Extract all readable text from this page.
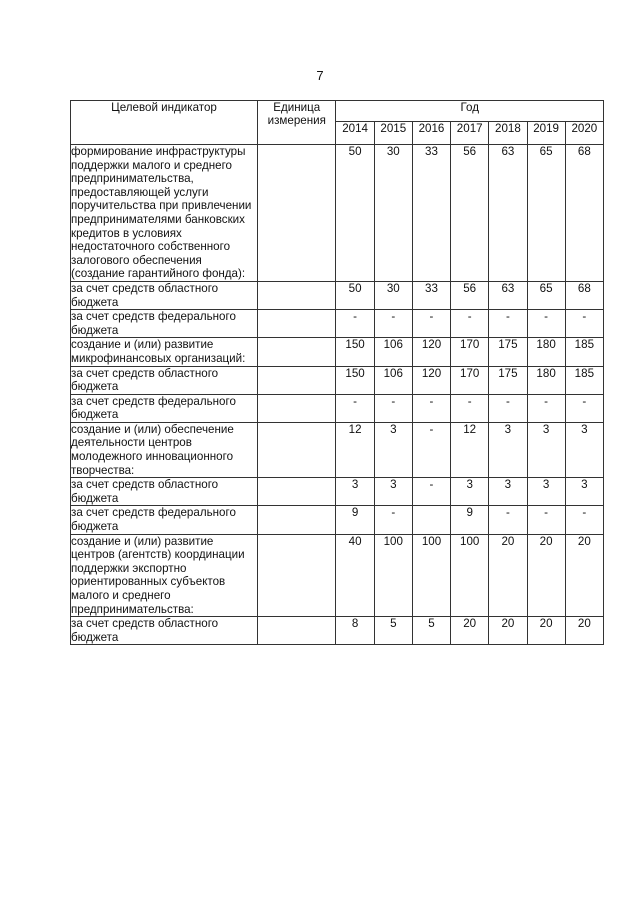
7
Целевой индикатор	Единица измерения	Год						
		2014	2015	2016	2017	2018	2019	2020
формирование инфраструктуры поддержки малого и среднего предпринимательства, предоставляющей услуги поручительства при привлечении предпринимателями банковских кредитов в условиях недостаточного собственного залогового обеспечения (создание гарантийного фонда):		50	30	33	56	63	65	68
за счет средств областного бюджета		50	30	33	56	63	65	68
за счет средств федерального бюджета		-	-	-	-	-	-	-
создание и (или) развитие микрофинансовых организаций:		150	106	120	170	175	180	185
за счет средств областного бюджета		150	106	120	170	175	180	185
за счет средств федерального бюджета		-	-	-	-	-	-	-
создание и (или) обеспечение деятельности центров молодежного инновационного творчества:		12	3	-	12	3	3	3
за счет средств областного бюджета		3	3	-	3	3	3	3
за счет средств федерального бюджета		9	-		9	-	-	-
создание и (или) развитие центров (агентств) координации поддержки экспортно ориентированных субъектов малого и среднего предпринимательства:		40	100	100	100	20	20	20
за счет средств областного бюджета		8	5	5	20	20	20	20
